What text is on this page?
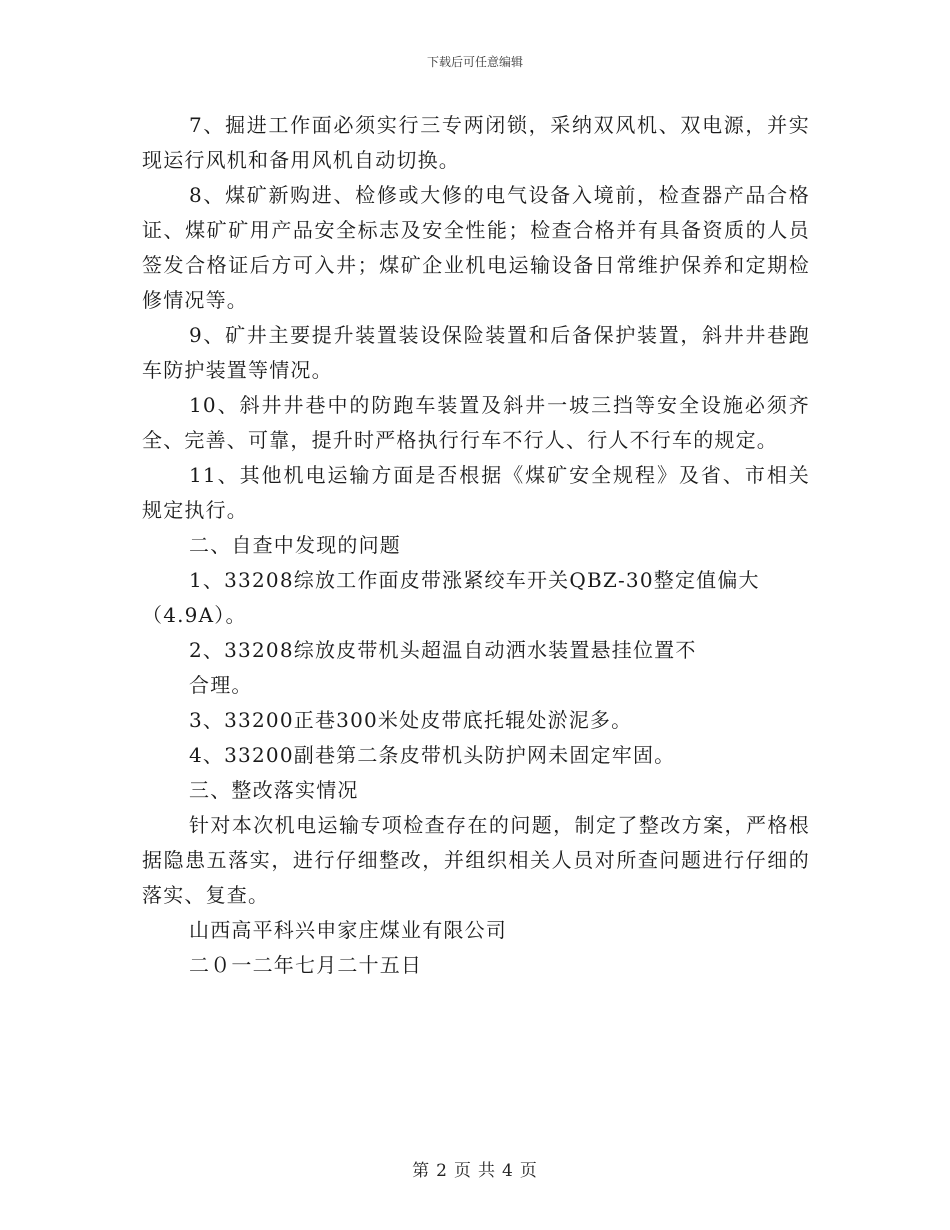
下载后可任意编辑

7、掘进工作面必须实行三专两闭锁，采纳双风机、双电源，并实现运行风机和备用风机自动切换。

8、煤矿新购进、检修或大修的电气设备入境前，检查器产品合格证、煤矿矿用产品安全标志及安全性能；检查合格并有具备资质的人员签发合格证后方可入井；煤矿企业机电运输设备日常维护保养和定期检修情况等。

9、矿井主要提升装置装设保险装置和后备保护装置，斜井井巷跑车防护装置等情况。

10、斜井井巷中的防跑车装置及斜井一坡三挡等安全设施必须齐全、完善、可靠，提升时严格执行行车不行人、行人不行车的规定。

11、其他机电运输方面是否根据《煤矿安全规程》及省、市相关规定执行。

二、自查中发现的问题

1、33208综放工作面皮带涨紧绞车开关QBZ-30整定值偏大

（4.9A）。

2、33208综放皮带机头超温自动洒水装置悬挂位置不

合理。

3、33200正巷300米处皮带底托辊处淤泥多。

4、33200副巷第二条皮带机头防护网未固定牢固。

三、整改落实情况

针对本次机电运输专项检查存在的问题，制定了整改方案，严格根据隐患五落实，进行仔细整改，并组织相关人员对所查问题进行仔细的落实、复查。

山西高平科兴申家庄煤业有限公司

二０一二年七月二十五日

第 2 页 共 4 页
